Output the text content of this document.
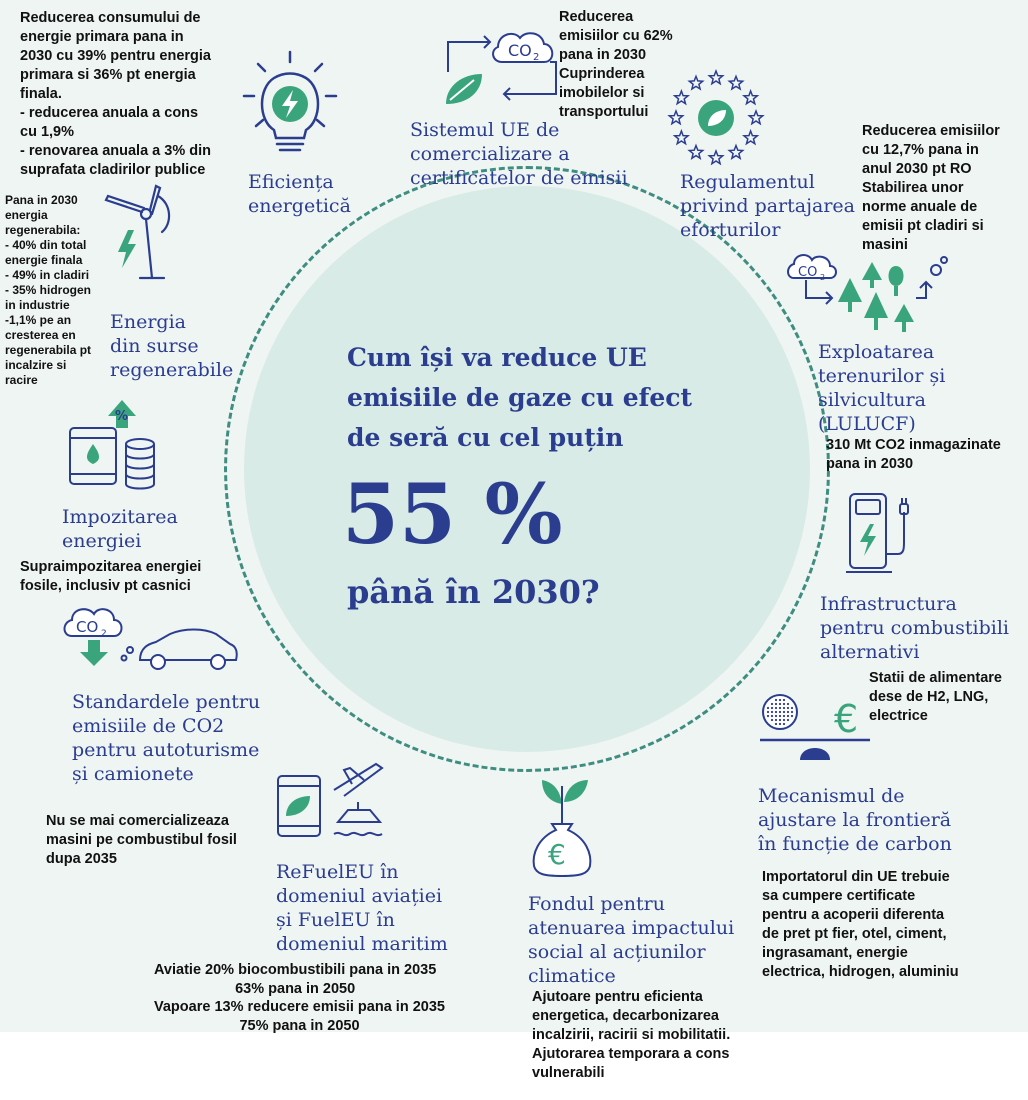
Cum își va reduce UE
emisiile de gaze cu efect
de seră cu cel puțin
55 %
până în 2030?
CO 2
CO 2
%
CO 2
€
€
Reducerea consumului de
energie primara pana in
2030 cu 39% pentru energia
primara si 36% pt energia
finala.
- reducerea anuala a cons
cu 1,9%
- renovarea anuala a 3% din
suprafata cladirilor publice
Eficiența
energetică
Reducerea
emisiilor cu 62%
pana in 2030
Cuprinderea
imobilelor si
transportului
Sistemul UE de
comercializare a
certificatelor de emisii
Reducerea emisiilor
cu 12,7% pana in
anul 2030 pt RO
Stabilirea unor
norme anuale de
emisii pt cladiri si
masini
Regulamentul
privind partajarea
eforturilor
Pana in 2030
energia
regenerabila:
- 40% din total
energie finala
- 49% in cladiri
- 35% hidrogen
in industrie
-1,1% pe an
cresterea en
regenerabila pt
incalzire si
racire
Energia
din surse
regenerabile
Exploatarea
terenurilor și
silvicultura
(LULUCF)
310 Mt CO2 inmagazinate
pana in 2030
Impozitarea
energiei
Supraimpozitarea energiei
fosile, inclusiv pt casnici
Infrastructura
pentru combustibili
alternativi
Statii de alimentare
dese de H2, LNG,
electrice
Standardele pentru
emisiile de CO2
pentru autoturisme
și camionete
Nu se mai comercializeaza
masini pe combustibul fosil
dupa 2035
Mecanismul de
ajustare la frontieră
în funcție de carbon
Importatorul din UE trebuie
sa cumpere certificate
pentru a acoperii diferenta
de pret pt fier, otel, ciment,
ingrasamant, energie
electrica, hidrogen, aluminiu
ReFuelEU în
domeniul aviației
și FuelEU în
domeniul maritim
Aviatie 20% biocombustibili pana in 2035
63% pana in 2050
Vapoare 13% reducere emisii pana in 2035
75% pana in 2050
Fondul pentru
atenuarea impactului
social al acțiunilor
climatice
Ajutoare pentru eficienta
energetica, decarbonizarea
incalzirii, racirii si mobilitatii.
Ajutorarea temporara a cons
vulnerabili
